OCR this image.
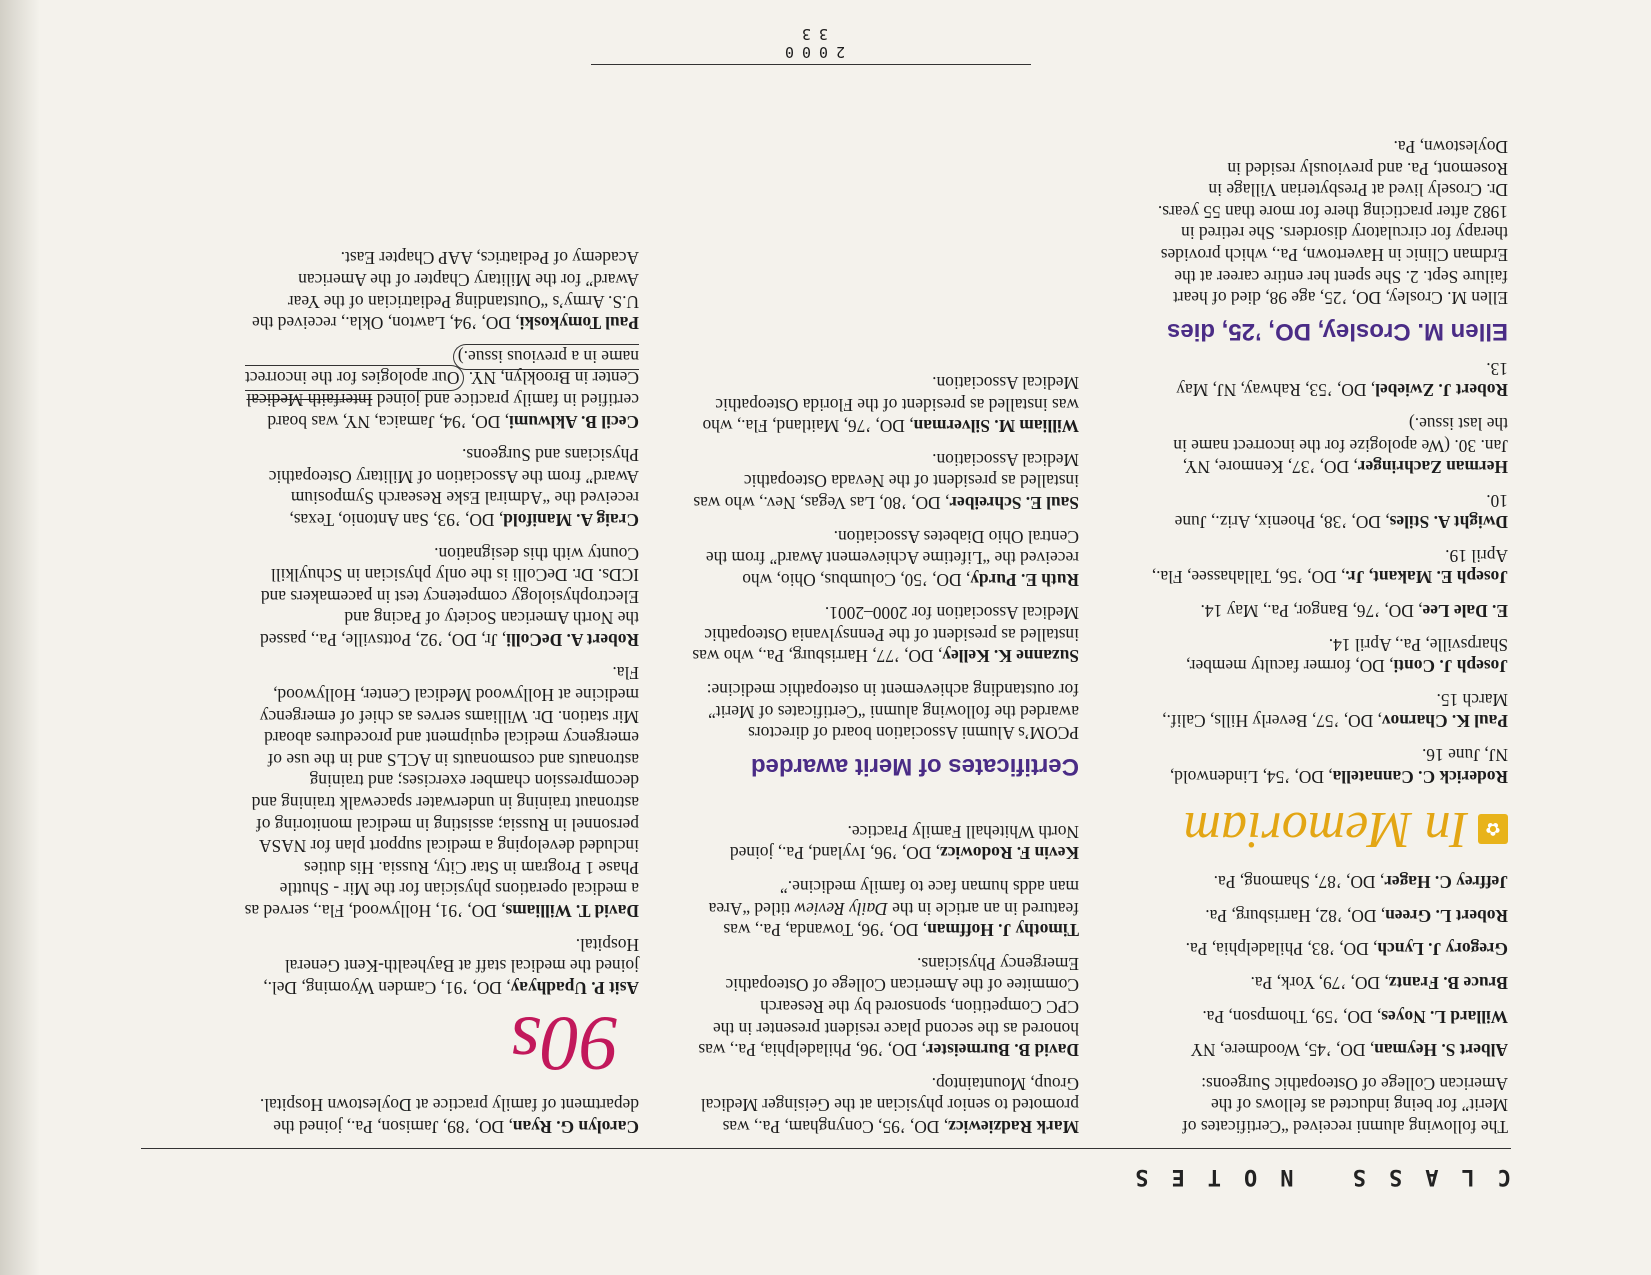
CLASS NOTES
The following alumni received “Certificates of Merit” for being inducted as fellows of the American College of Osteopathic Surgeons:
Albert S. Heyman, DO, ’45, Woodmere, NY
Willard L. Noyes, DO, ’59, Thompson, Pa.
Bruce B. Frantz, DO, ’79, York, Pa.
Gregory J. Lynch, DO, ’83, Philadelphia, Pa.
Robert L. Green, DO, ’82, Harrisburg, Pa.
Jeffrey C. Hager, DO, ’87, Shamong, Pa.
✿
In Memoriam
Roderick C. Cannatella, DO, ’54, Lindenwold, NJ, June 16.
Paul K. Charnov, DO, ’57, Beverly Hills, Calif., March 15.
Joseph J. Conti, DO, former faculty member, Sharpsville, Pa., April 14.
E. Dale Lee, DO, ’76, Bangor, Pa., May 14.
Joseph E. Makant, Jr., DO, ’56, Tallahassee, Fla., April 19.
Dwight A. Stiles, DO, ’38, Phoenix, Ariz., June 10.
Herman Zachringer, DO, ’37, Kenmore, NY, Jan. 30. (We apologize for the incorrect name in the last issue.)
Robert J. Zwiebel, DO, ’53, Rahway, NJ, May 13.
Ellen M. Crosley, DO, ’25, dies
Ellen M. Crosley, DO, ’25, age 98, died of heart failure Sept. 2. She spent her entire career at the Erdman Clinic in Havertown, Pa., which provides therapy for circulatory disorders. She retired in 1982 after practicing there for more than 55 years. Dr. Crosely lived at Presbyterian Village in Rosemont, Pa. and previously resided in Doylestown, Pa.
Mark Radziewicz, DO, ’95, Conyngham, Pa., was promoted to senior physician at the Geisinger Medical Group, Mountaintop.
David B. Burmeister, DO, ’96, Philadelphia, Pa., was honored as the second place resident presenter in the CPC Competition, sponsored by the Research Commitee of the American College of Osteopathic Emergency Physicians.
Timothy J. Hoffman, DO, ’96, Towanda, Pa., was featured in an article in the Daily Review titled “Area man adds human face to family medicine.”
Kevin F. Rodowicz, DO, ’96, Ivyland, Pa., joined North Whitehall Family Practice.
Certificates of Merit awarded
PCOM’s Alumni Association board of directors awarded the following alumni “Certificates of Merit” for outstanding achievement in osteopathic medicine:
Suzanne K. Kelley, DO, ’77, Harrisburg, Pa., who was installed as president of the Pennsylvania Osteopathic Medical Association for 2000–2001.
Ruth E. Purdy, DO, ’50, Columbus, Ohio, who received the “Lifetime Achievement Award” from the Central Ohio Diabetes Association.
Saul E. Schreiber, DO, ’80, Las Vegas, Nev., who was installed as president of the Nevada Osteopathic Medical Association.
William M. Silverman, DO, ’76, Maitland, Fla., who was installed as president of the Florida Osteopathic Medical Association.
Carolyn G. Ryan, DO, ’89, Jamison, Pa., joined the department of family practice at Doylestown Hospital.
90s
Asit P. Upadhyay, DO, ’91, Camden Wyoming, Del., joined the medical staff at Bayhealth-Kent General Hospital.
David T. Williams, DO, ’91, Hollywood, Fla., served as a medical operations physician for the Mir - Shuttle Phase 1 Program in Star City, Russia. His duties included developing a medical support plan for NASA personnel in Russia; assisting in medical monitoring of astronaut training in underwater spacewalk training and decompression chamber exercises; and training astronauts and cosmonauts in ACLS and in the use of emergency medical equipment and procedures aboard Mir station. Dr. Williams serves as chief of emergency medicine at Hollywood Medical Center, Hollywood, Fla.
Robert A. DeColli, Jr, DO, ’92, Pottsville, Pa., passed the North American Society of Pacing and Electrophysiology competency test in pacemakers and ICDs. Dr. DeColli is the only physician in Schuylkill County with this designation.
Craig A. Manifold, DO, ’93, San Antonio, Texas, received the “Admiral Eske Research Symposium Award” from the Association of Military Osteopathic Physicians and Surgeons.
Cecil B. Aklwumi, DO, ’94, Jamaica, NY, was board certified in family practice and joined Interfaith Medical Center in Brooklyn, NY. Our apologies for the incorrect name in a previous issue.)
Paul Tomykoski, DO, ’94, Lawton, Okla., received the U.S. Army’s “Outstanding Pediatrician of the Year Award” for the Military Chapter of the American Academy of Pediatrics, AAP Chapter East.
2000
33
